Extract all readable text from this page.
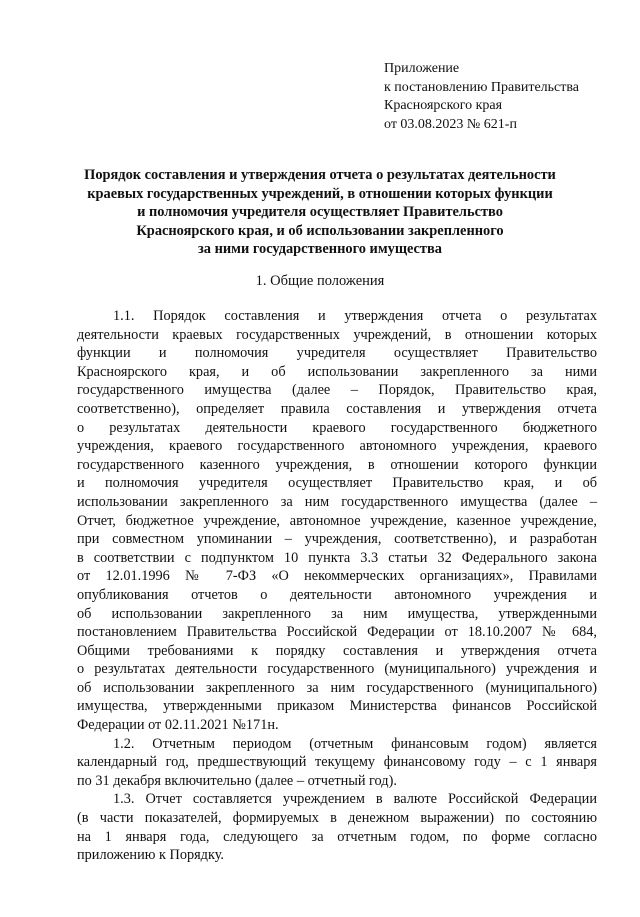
Приложение
к постановлению Правительства
Красноярского края
от 03.08.2023 № 621-п
Порядок составления и утверждения отчета о результатах деятельности
краевых государственных учреждений, в отношении которых функции
и полномочия учредителя осуществляет Правительство
Красноярского края, и об использовании закрепленного
за ними государственного имущества
1. Общие положения
1.1. Порядок составления и утверждения отчета о результатах
деятельности краевых государственных учреждений, в отношении которых
функции и полномочия учредителя осуществляет Правительство
Красноярского края, и об использовании закрепленного за ними
государственного имущества (далее – Порядок, Правительство края,
соответственно), определяет правила составления и утверждения отчета
о результатах деятельности краевого государственного бюджетного
учреждения, краевого государственного автономного учреждения, краевого
государственного казенного учреждения, в отношении которого функции
и полномочия учредителя осуществляет Правительство края, и об
использовании закрепленного за ним государственного имущества (далее –
Отчет, бюджетное учреждение, автономное учреждение, казенное учреждение,
при совместном упоминании – учреждения, соответственно), и разработан
в соответствии с подпунктом 10 пункта 3.3 статьи 32 Федерального закона
от 12.01.1996 № 7-ФЗ «О некоммерческих организациях», Правилами
опубликования отчетов о деятельности автономного учреждения и
об использовании закрепленного за ним имущества, утвержденными
постановлением Правительства Российской Федерации от 18.10.2007 № 684,
Общими требованиями к порядку составления и утверждения отчета
о результатах деятельности государственного (муниципального) учреждения и
об использовании закрепленного за ним государственного (муниципального)
имущества, утвержденными приказом Министерства финансов Российской
Федерации от 02.11.2021 №171н.
1.2. Отчетным периодом (отчетным финансовым годом) является
календарный год, предшествующий текущему финансовому году – с 1 января
по 31 декабря включительно (далее – отчетный год).
1.3. Отчет составляется учреждением в валюте Российской Федерации
(в части показателей, формируемых в денежном выражении) по состоянию
на 1 января года, следующего за отчетным годом, по форме согласно
приложению к Порядку.
